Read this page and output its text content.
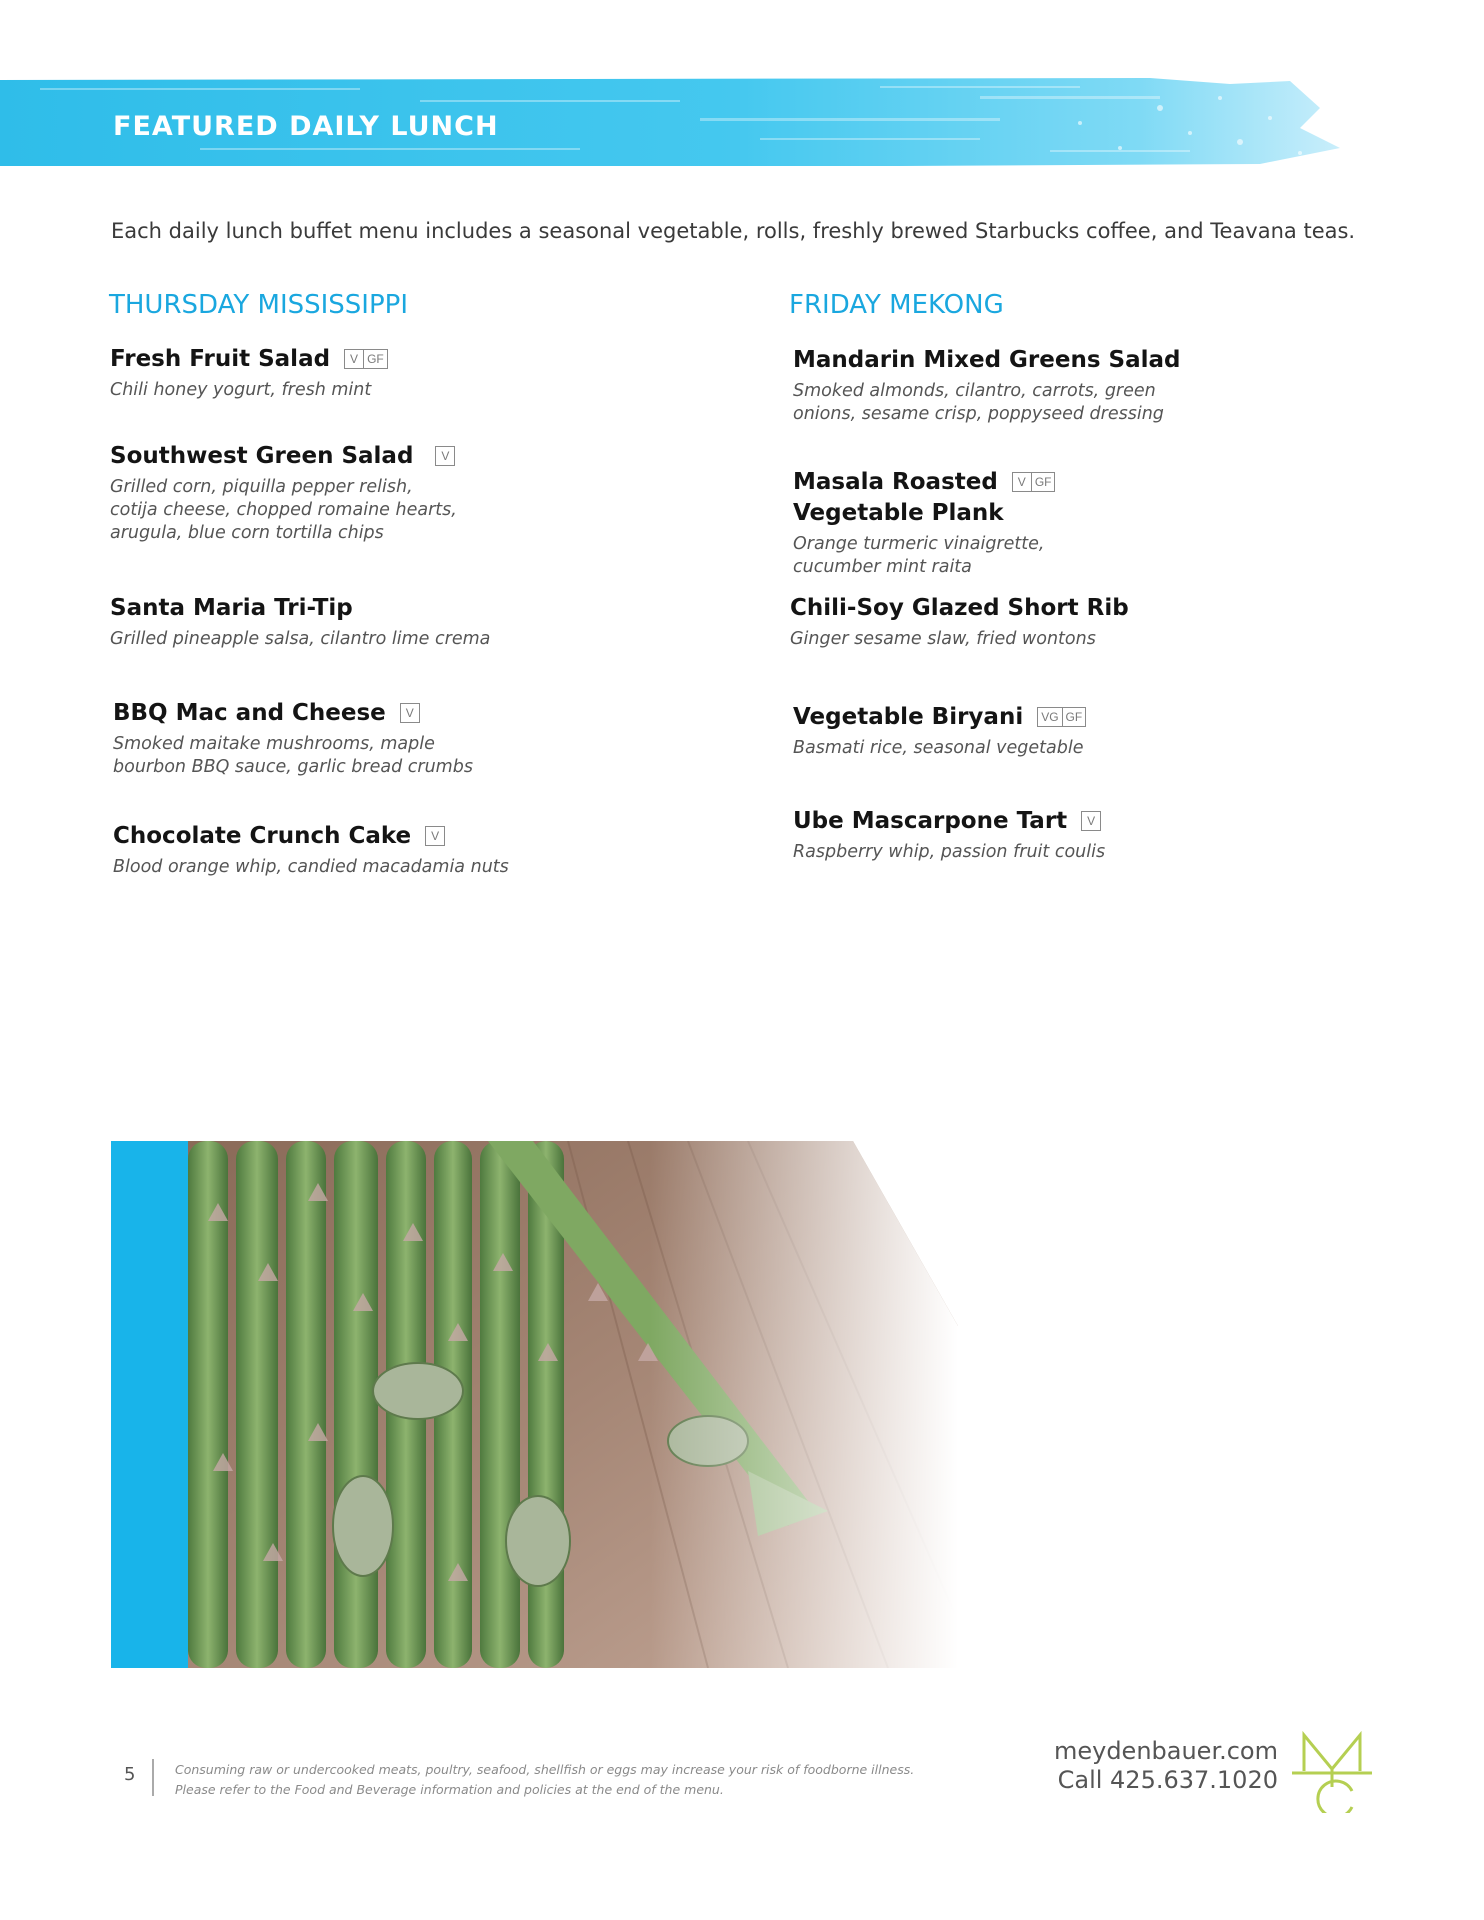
FEATURED DAILY LUNCH
Each daily lunch buffet menu includes a seasonal vegetable, rolls, freshly brewed Starbucks coffee, and Teavana teas.
THURSDAY MISSISSIPPI
Fresh Fruit Salad	V GF
Chili honey yogurt, fresh mint
Southwest Green Salad	V
Grilled corn, piquilla pepper relish,
cotija cheese, chopped romaine hearts,
arugula, blue corn tortilla chips
Santa Maria Tri-Tip
Grilled pineapple salsa, cilantro lime crema
BBQ Mac and Cheese	V
Smoked maitake mushrooms, maple
bourbon BBQ sauce, garlic bread crumbs
Chocolate Crunch Cake	V
Blood orange whip, candied macadamia nuts
FRIDAY MEKONG
Mandarin Mixed Greens Salad
Smoked almonds, cilantro, carrots, green
onions, sesame crisp, poppyseed dressing
Masala Roasted	V GF
Vegetable Plank
Orange turmeric vinaigrette,
cucumber mint raita
Chili-Soy Glazed Short Rib
Ginger sesame slaw, fried wontons
Vegetable Biryani	VG GF
Basmati rice, seasonal vegetable
Ube Mascarpone Tart	V
Raspberry whip, passion fruit coulis
5	Consuming raw or undercooked meats, poultry, seafood, shellfish or eggs may increase your risk of foodborne illness.
Please refer to the Food and Beverage information and policies at the end of the menu.
meydenbauer.com
Call 425.637.1020
